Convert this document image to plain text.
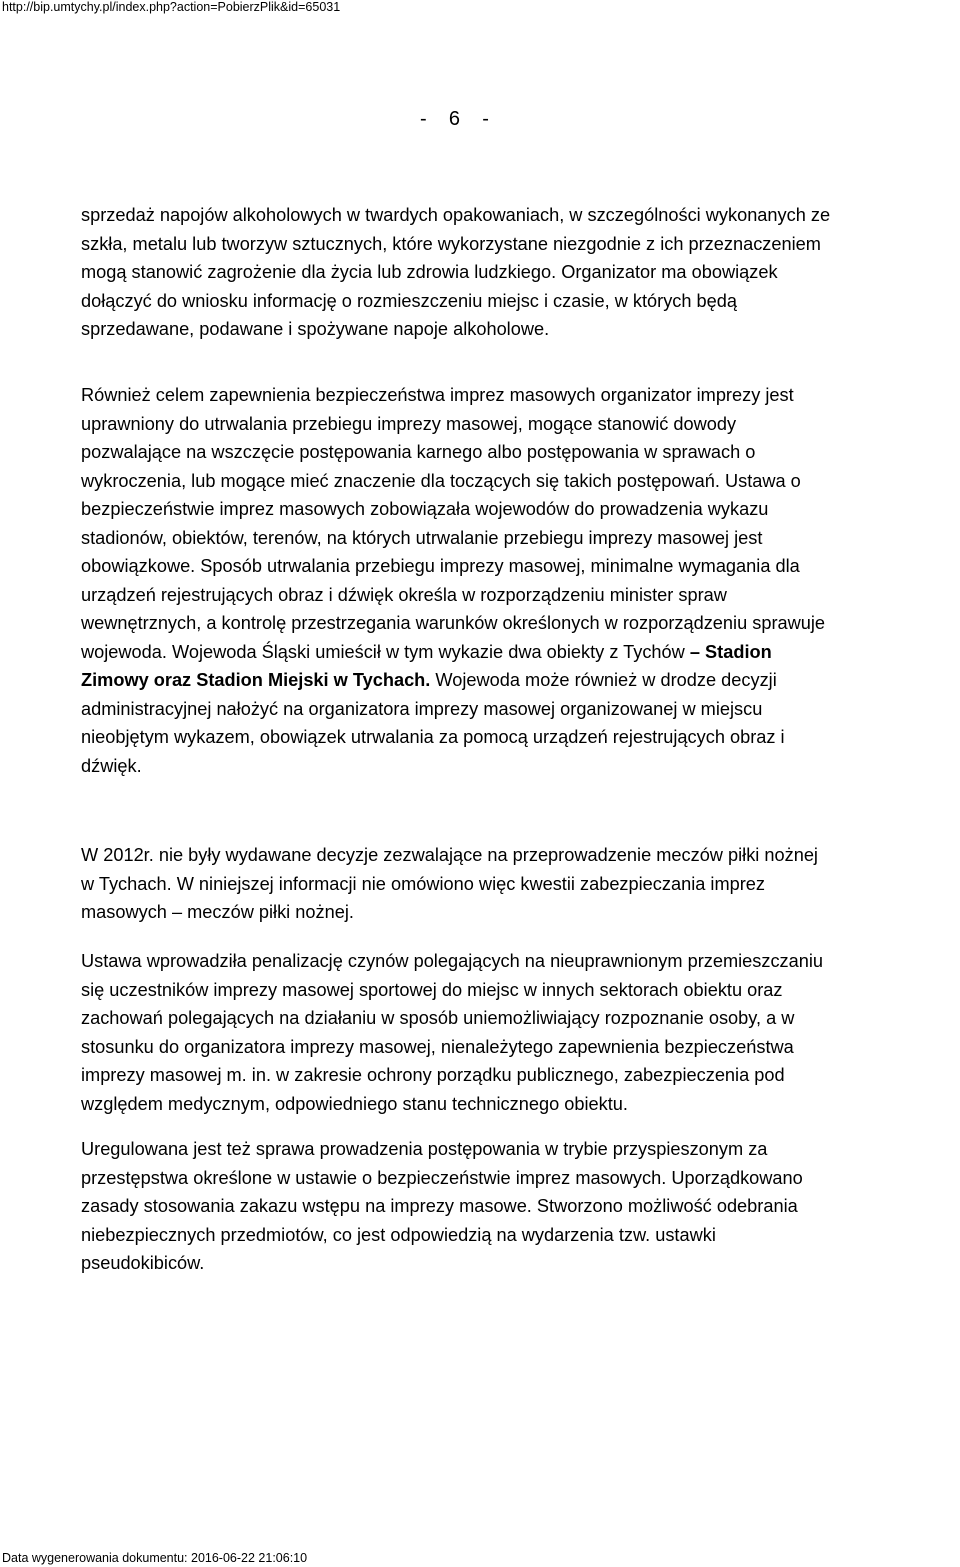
http://bip.umtychy.pl/index.php?action=PobierzPlik&id=65031
-    6    -

sprzedaż napojów alkoholowych w twardych opakowaniach, w szczególności wykonanych ze
szkła, metalu lub tworzyw sztucznych, które wykorzystane niezgodnie z ich przeznaczeniem
mogą stanowić zagrożenie dla życia lub zdrowia ludzkiego. Organizator ma obowiązek
dołączyć do wniosku informację o rozmieszczeniu miejsc i czasie, w których będą
sprzedawane, podawane i spożywane napoje alkoholowe.

Również celem zapewnienia bezpieczeństwa imprez masowych organizator imprezy jest
uprawniony do utrwalania przebiegu imprezy masowej, mogące stanowić dowody
pozwalające na wszczęcie postępowania karnego albo postępowania w sprawach o
wykroczenia, lub mogące mieć znaczenie dla toczących się takich postępowań. Ustawa o
bezpieczeństwie imprez masowych zobowiązała wojewodów do prowadzenia wykazu
stadionów, obiektów, terenów, na których utrwalanie przebiegu imprezy masowej jest
obowiązkowe. Sposób utrwalania przebiegu imprezy masowej, minimalne wymagania dla
urządzeń rejestrujących obraz i dźwięk określa w rozporządzeniu minister spraw
wewnętrznych, a kontrolę przestrzegania warunków określonych w rozporządzeniu sprawuje
wojewoda. Wojewoda Śląski umieścił w tym wykazie dwa obiekty z Tychów – Stadion
Zimowy oraz Stadion Miejski w Tychach. Wojewoda może również w drodze decyzji
administracyjnej nałożyć na organizatora imprezy masowej organizowanej w miejscu
nieobjętym wykazem, obowiązek utrwalania za pomocą urządzeń rejestrujących obraz i
dźwięk.

W 2012r. nie były wydawane decyzje zezwalające na przeprowadzenie meczów piłki nożnej
w Tychach. W niniejszej informacji nie omówiono więc kwestii zabezpieczania imprez
masowych – meczów piłki nożnej.

Ustawa wprowadziła penalizację czynów polegających na nieuprawnionym przemieszczaniu
się uczestników imprezy masowej sportowej do miejsc w innych sektorach obiektu oraz
zachowań polegających na działaniu w sposób uniemożliwiający rozpoznanie osoby, a w
stosunku do organizatora imprezy masowej, nienależytego zapewnienia bezpieczeństwa
imprezy masowej m. in. w zakresie ochrony porządku publicznego, zabezpieczenia pod
względem medycznym, odpowiedniego stanu technicznego obiektu.

Uregulowana jest też sprawa prowadzenia postępowania w trybie przyspieszonym za
przestępstwa określone w ustawie o bezpieczeństwie imprez masowych. Uporządkowano
zasady stosowania zakazu wstępu na imprezy masowe. Stworzono możliwość odebrania
niebezpiecznych przedmiotów, co jest odpowiedzią na wydarzenia tzw. ustawki
pseudokibiców.

Data wygenerowania dokumentu: 2016-06-22 21:06:10
